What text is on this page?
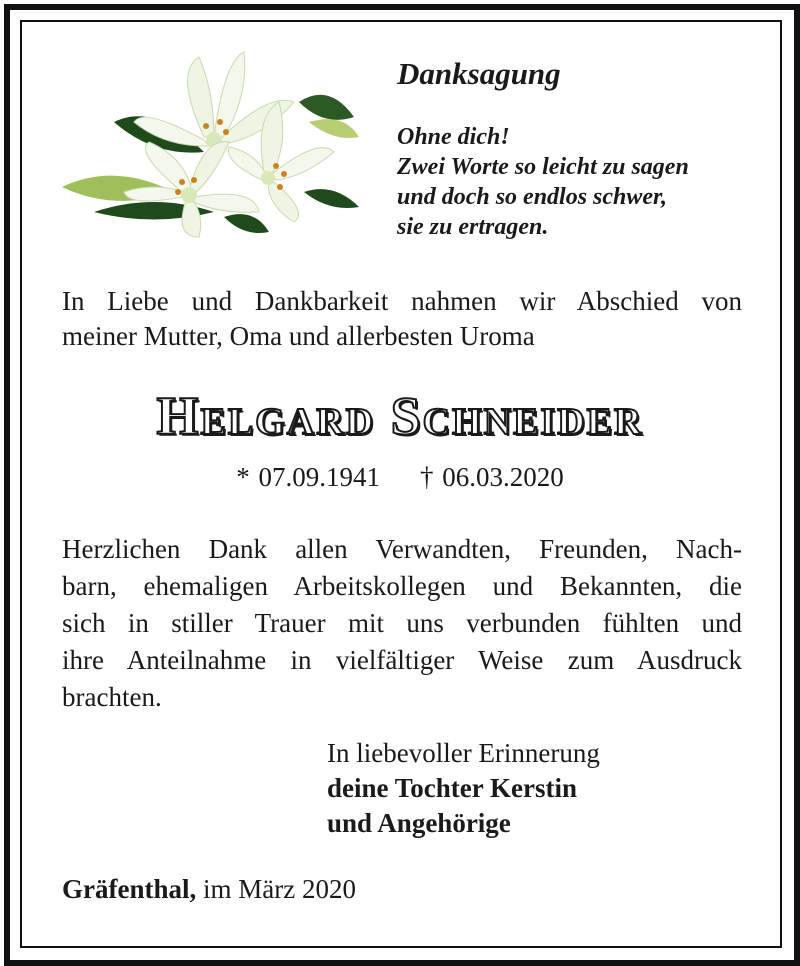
Danksagung
Ohne dich!
Zwei Worte so leicht zu sagen
und doch so endlos schwer,
sie zu ertragen.
In Liebe und Dankbarkeit nahmen wir Abschied von
meiner Mutter, Oma und allerbesten Uroma
Helgard Schneider
* 07.09.1941 † 06.03.2020
Herzlichen Dank allen Verwandten, Freunden, Nach-
barn, ehemaligen Arbeitskollegen und Bekannten, die
sich in stiller Trauer mit uns verbunden fühlten und
ihre Anteilnahme in vielfältiger Weise zum Ausdruck
brachten.
In liebevoller Erinnerung
deine Tochter Kerstin
und Angehörige
Gräfenthal, im März 2020
